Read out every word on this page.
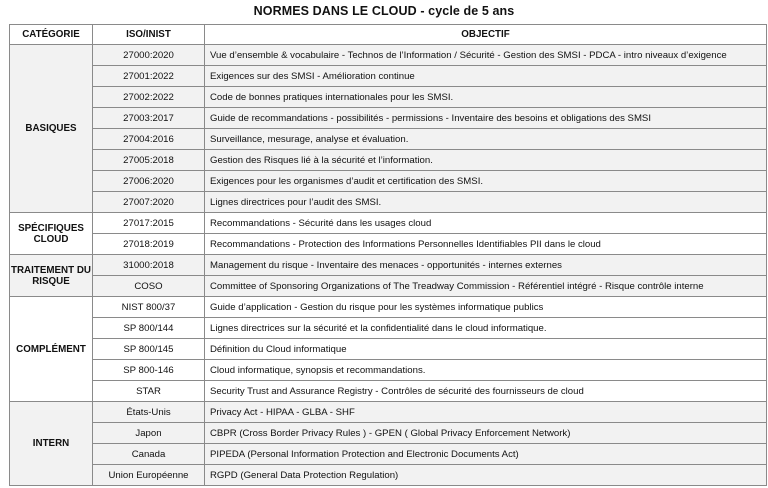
NORMES DANS LE CLOUD - cycle de 5 ans
CATÉGORIE	ISO/INIST	OBJECTIF
BASIQUES	27000:2020	Vue d’ensemble & vocabulaire - Technos de l’Information / Sécurité - Gestion des SMSI - PDCA - intro niveaux d’exigence
	27001:2022	Exigences sur des SMSI - Amélioration continue
	27002:2022	Code de bonnes pratiques internationales pour les SMSI.
	27003:2017	Guide de recommandations - possibilités - permissions - Inventaire des besoins et obligations des SMSI
	27004:2016	Surveillance, mesurage, analyse et évaluation.
	27005:2018	Gestion des Risques lié à la sécurité et l’information.
	27006:2020	Exigences pour les organismes d’audit et certification des SMSI.
	27007:2020	Lignes directrices pour l’audit des SMSI.
SPÉCIFIQUES CLOUD	27017:2015	Recommandations - Sécurité dans les usages cloud
	27018:2019	Recommandations - Protection des Informations Personnelles Identifiables PII dans le cloud
TRAITEMENT DU RISQUE	31000:2018	Management du risque - Inventaire des menaces - opportunités - internes externes
	COSO	Committee of Sponsoring Organizations of The Treadway Commission - Référentiel intégré - Risque contrôle interne
COMPLÉMENT	NIST 800/37	Guide d’application - Gestion du risque pour les systèmes informatique publics
	SP 800/144	Lignes directrices sur la sécurité et la confidentialité dans le cloud informatique.
	SP 800/145	Définition du Cloud informatique
	SP 800-146	Cloud informatique, synopsis et recommandations.
	STAR	Security Trust and Assurance Registry - Contrôles de sécurité des fournisseurs de cloud
INTERN	États-Unis	Privacy Act - HIPAA - GLBA - SHF
	Japon	CBPR (Cross Border Privacy Rules ) - GPEN ( Global Privacy Enforcement Network)
	Canada	PIPEDA (Personal Information Protection and Electronic Documents Act)
	Union Européenne	RGPD (General Data Protection Regulation)
